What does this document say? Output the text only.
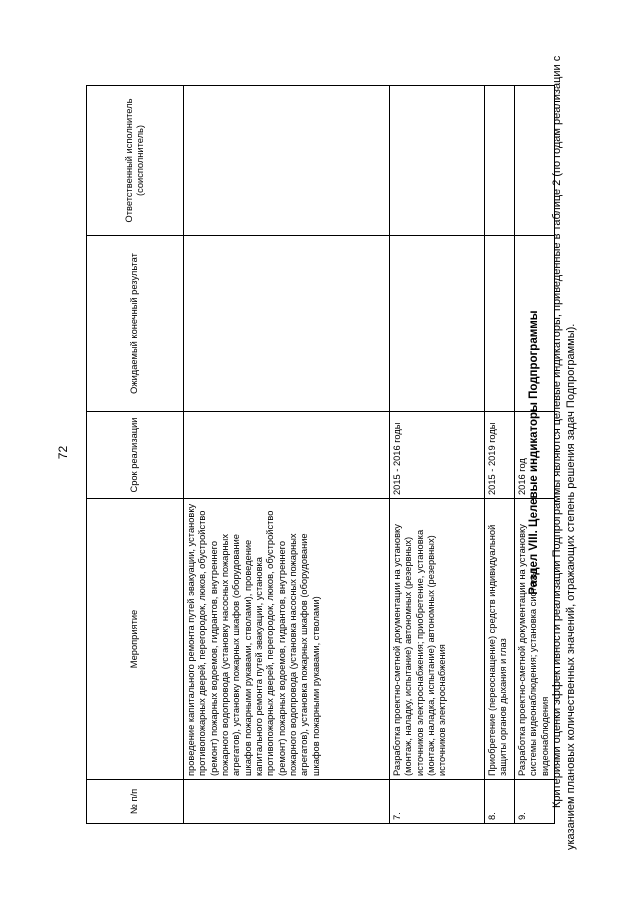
72
№ п/п	Мероприятие	Срок реализации	Ожидаемый конечный результат	Ответственный исполнитель (соисполнитель)
	проведение капитального ремонта путей эвакуации, установку противопожарных дверей, перегородок, люков, обустройство (ремонт) пожарных водоемов, гидрантов, внутреннего пожарного водопровода (установку насосных пожарных агрегатов), установку пожарных шкафов (оборудование шкафов пожарными рукавами, стволами), проведение капитального ремонта путей эвакуации, установка противопожарных дверей, перегородок, люков, обустройство (ремонт) пожарных водоемов, гидрантов, внутреннего пожарного водопровода (установка насосных пожарных агрегатов), установка пожарных шкафов (оборудование шкафов пожарными рукавами, стволами)			
7.	Разработка проектно-сметной документации на установку (монтаж, наладку, испытание) автономных (резервных) источников электроснабжения; приобретение, установка (монтаж, наладка, испытание) автономных (резервных) источников электроснабжения	2015 - 2016 годы		
8.	Приобретение (переоснащение) средств индивидуальной защиты органов дыхания и глаз	2015 - 2019 годы		
9.	Разработка проектно-сметной документации на установку системы видеонаблюдения; установка системы видеонаблюдения	2016 год		Раздел VIII. Целевые индикаторы Подпрограммы Критериями оценки эффективности реализации Подпрограммы являются целевые индикаторы, приведенные в таблице 2 (по годам реализации с указанием плановых количественных значений, отражающих степень решения задач Подпрограммы).
